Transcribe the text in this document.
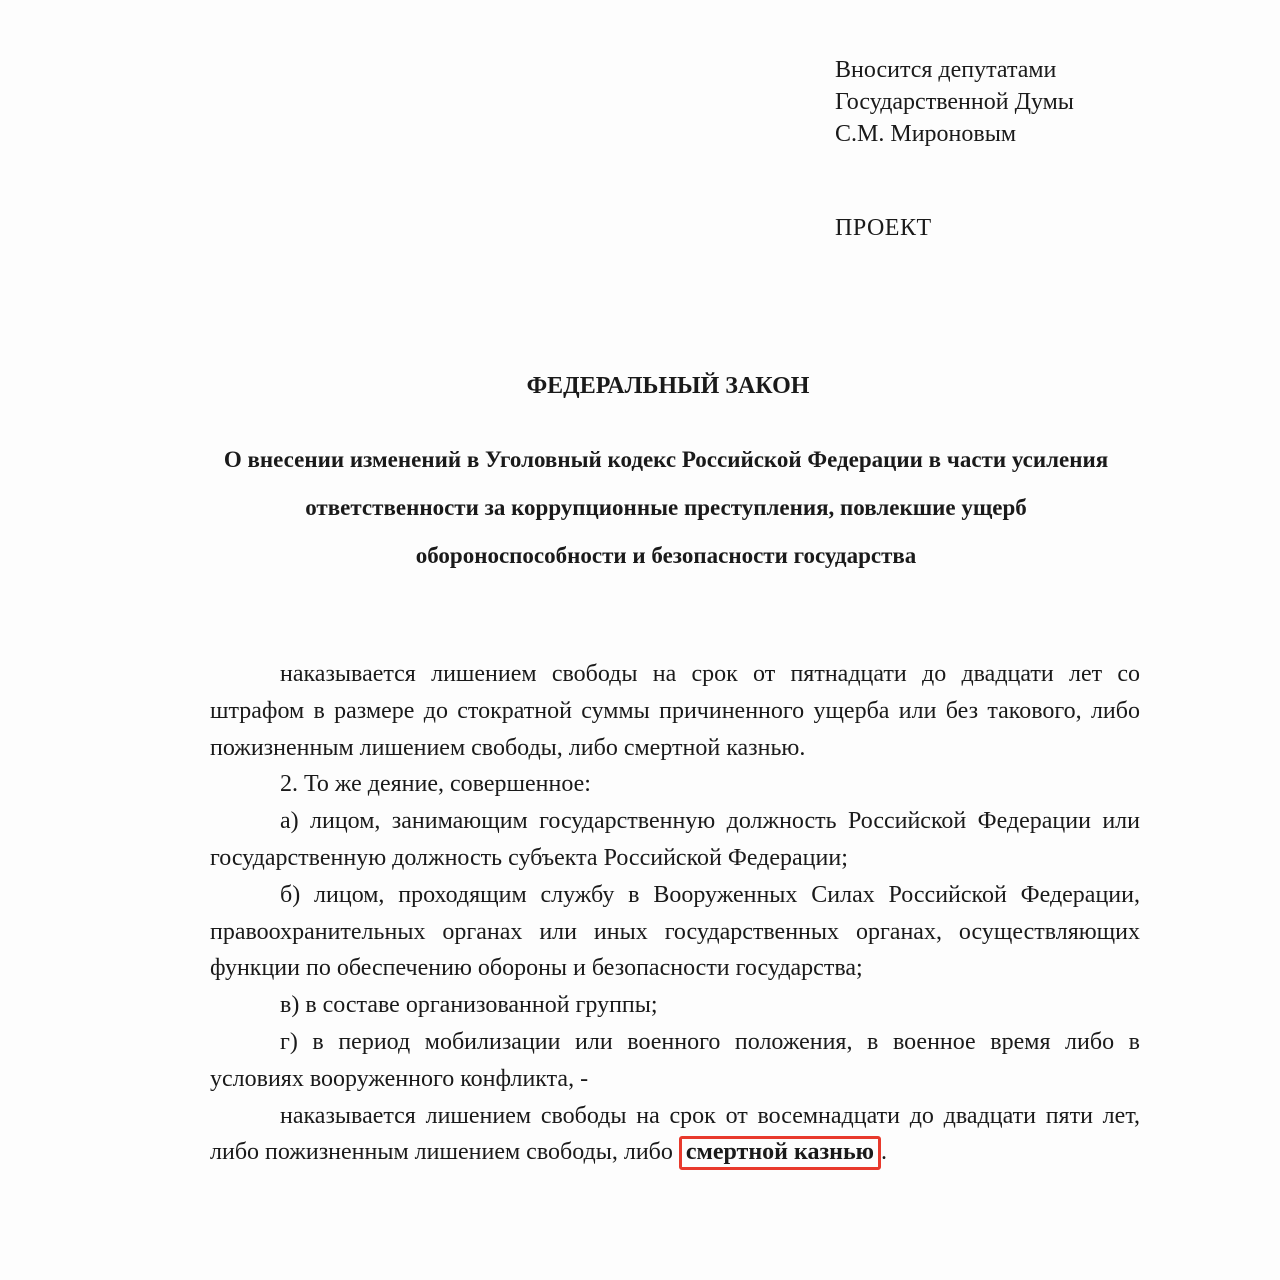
Вносится депутатами
Государственной Думы
С.М. Мироновым
ПРОЕКТ
ФЕДЕРАЛЬНЫЙ ЗАКОН
О внесении изменений в Уголовный кодекс Российской Федерации в части усиления ответственности за коррупционные преступления, повлекшие ущерб обороноспособности и безопасности государства

наказывается лишением свободы на срок от пятнадцати до двадцати лет со штрафом в размере до стократной суммы причиненного ущерба или без такового, либо пожизненным лишением свободы, либо смертной казнью.

2. То же деяние, совершенное:

а) лицом, занимающим государственную должность Российской Федерации или государственную должность субъекта Российской Федерации;

б) лицом, проходящим службу в Вооруженных Силах Российской Федерации, правоохранительных органах или иных государственных органах, осуществляющих функции по обеспечению обороны и безопасности государства;

в) в составе организованной группы;

г) в период мобилизации или военного положения, в военное время либо в условиях вооруженного конфликта, -

наказывается лишением свободы на срок от восемнадцати до двадцати пяти лет, либо пожизненным лишением свободы, либо смертной казнью .
